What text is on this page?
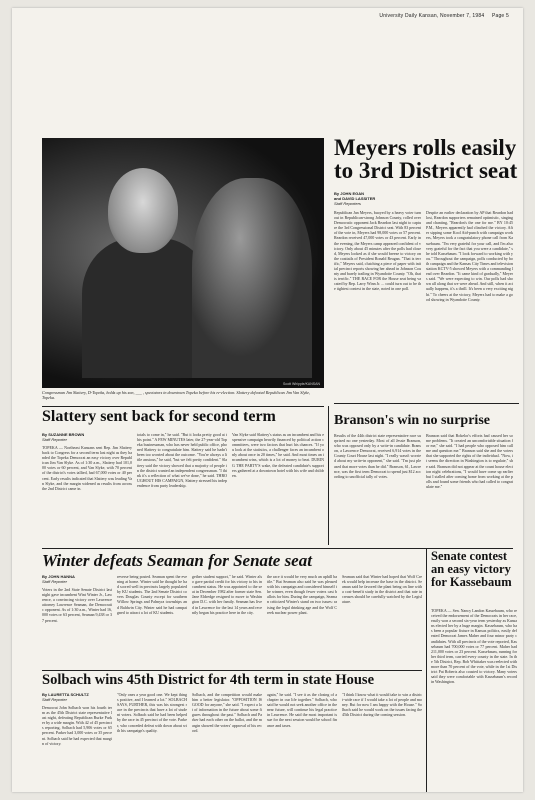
University Daily Kansan, November 7, 1984 Page 5
Scott Whipple/KANSAN
Congressman Jim Slattery, D-Topeka, holds up his son, ___ , spectators in downtown Topeka before his re-election. Slattery defeated Republican Jim Van Slyke, Topeka.
Meyers rolls easily to 3rd District seat
By JOHN EGAN
and DAVID LASSITER
Staff Reporters
Republican Jan Meyers, buoyed by a heavy voter turnout in Republican-strong Johnson County, rolled over Democratic opponent Jack Reardon last night to capture the 3rd Congressional District seat. With 83 percent of the vote in, Meyers had 98,000 votes or 57 percent. Reardon received 47,000 votes or 43 percent. Early in the evening, the Meyers camp appeared confident of victory. Only about 45 minutes after the polls had closed, Meyers looked as if she would breeze to victory on the coattails of President Ronald Reagan. "That is terrific," Meyers said, clutching a piece of paper with initial precinct reports showing her ahead in Johnson County and barely trailing in Wyandotte County. "Oh, that is terrific." THE RACE FOR the House seat being vacated by Rep. Larry Winn Jr. ... could turn out to be the tightest contest in the state, noted in one poll.
Despite an earlier declaration by AP that Reardon had lost, Reardon supporters remained optimistic, singing and chanting, "Reardon's the one for me." BY 10:45 P.M., Meyers apparently had clinched the victory. After sipping some Kool Aid-punch with campaign workers, Meyers took a congratulatory phone call from Kassebaum. "I'm very grateful for your call, and I'm also very grateful for the fact that you were a candidate," she told Kassebaum. "I look forward to working with you." Throughout the campaign, polls conducted by both campaign and the Kansas City Times and television station KCTV-5 showed Meyers with a commanding lead over Reardon. "It came kind of gradually," Meyers said. "We were expecting to win. Our polls had shown all along that we were ahead. And still, when it actually happens, it's a thrill. It's been a very exciting night." To cheers at the victory, Meyers had to make a good showing in Wyandotte County.
Slattery sent back for second term
By SUZANNE BROWN
Staff Reporter
TOPEKA — Northeast Kansans sent Rep. Jim Slattery back to Congress for a second term last night as they handed the Topeka Democrat an easy victory over Republican Jim Van Slyke. As of 1:30 a.m., Slattery had 101,000 votes or 60 percent, and Van Slyke, with 70 percent of the district's votes tallied, had 67,000 votes or 40 percent. Early results indicated that Slattery was leading Van Slyke, and the margin widened as results from across the 2nd District came in.
totals to come in," he said. "But it looks pretty good at this point." A FEW MINUTES later, the 27-year-old Topeka businessman, who has never held public office, phoned Slattery to congratulate him. Slattery said he hadn't been too worried about the outcome. "You're always a little anxious," he said, "but we felt pretty confident." Slattery said the victory showed that a majority of people in the district wanted an independent congressman. "I think it's a reflection of what we've done," he said. THROUGHOUT HIS CAMPAIGN, Slattery stressed his independence from party leadership.
Van Slyke said Slattery's status as an incumbent and his expensive campaign heavily financed by political action committees, were two factors that hurt his chances. "If you look at the statistics, a challenger faces an incumbent only about once in 20 times," he said. And most times an incumbent wins, which is a lot of money to beat. DURING THE PARTY'S wake, the defeated candidate's supporters gathered at a downtown hotel with his wife and children.
Branson's win no surprise
Results of the 44th district state representative race surprised no one yesterday. Most of all Jessie Branson, who was opposed only by a write-in candidate. Branson, a Lawrence Democrat, received 6,914 votes in the County Court House last night. "I really wasn't worried about my write-in opponent," she said. "I'm just pleased that more votes than he did." Branson, 61, Lawrence, was the first term Democrat to spend just $12 according to unofficial tally of votes.
Branson said that Bokelor's efforts had caused her some problems. "It created an uncomfortable situation for me," she said. "I had people who opposed him call me and question me." Branson said she and the voters that she supported the rights of the individual. "Now, it seems the direction in Washington is to regulate," she said. Branson did not appear at the count house election night celebrations, "I would have come up earlier but I stalled after coming home from working at the polls and found some friends who had called to congratulate me."
Winter defeats Seaman for Senate seat
By JOHN HANNA
Staff Reporter
Voters in the 2nd State Senate District last night gave incumbent Wint Winter Jr., Lawrence, a convincing victory over Lawrence attorney Lawrence Seaman, the Democratic opponent. As of 1:30 a.m., Winter had 16,000 votes or 63 percent, Seaman 9,438 or 37 percent.
reverse being posted. Seaman spent the evening at home. Winter said he thought he had scored well in precincts largely populated by KU students. The 2nd Senate District covers Douglas County except for southern Willow Springs and Palmyra townships and Baldwin City. Winter said he had campaigned to attract a lot of KU students.
gether student support," he said. Winter also gave partial credit for his victory to his incumbent status. He was appointed to the seat in December 1982 after former state Sen. Jane Eldredge resigned to move to Washington D.C. with her family. Seaman has lived in Lawrence for the last 14 years and recently began his practice here in the city.
the race it would be very much an uphill battle." But Seaman also said he was pleased with his campaign and considered himself the winner, even though fewer voters cast ballots for him. During the campaign, Seaman criticized Winter's stand on two issues: raising the legal drinking age and the Wolf Creek nuclear power plant.
Seaman said that Winter had hoped that Wolf Creek would help increase the base in the district. Seaman said he favored the plant being on line with a cost-benefit study in the district and that rate increases should be carefully watched by the Legislature.
Senate contest an easy victory for Kassebaum
TOPEKA — Sen. Nancy Landon Kassebaum, who received the endorsement of the Democrats in her race, easily won a second six-year term yesterday as Kansans elected her by a huge margin. Kassebaum, who has been a popular fixture in Kansas politics, easily defeated Democrat James Maher and four minor party candidates. With all precincts of the vote reported, Kassebaum had 700,000 votes or 77 percent. Maher had 211,000 votes or 23 percent. Kassebaum, running for her third term, carried every county in the state. In the 5th District, Rep. Bob Whittaker was reelected with more than 70 percent of the vote, while in the 1st District Pat Roberts also coasted to victory. Many voters said they were comfortable with Kassebaum's record in Washington.
Solbach wins 45th District for 4th term in state House
By LAURETTA SCHULTZ
Staff Reporter
Democrat John Solbach won his fourth term as the 45th District state representative last night, defeating Republican Burke Parker by a wide margin. With 42 of 45 precincts reporting, Solbach had 5,906 votes or 65 percent. Parker had 3,000 votes or 35 percent. Solbach said he had expected that margin of victory.
"Only ones a year good one. We kept things positive, and I learned a lot." SOLBACH SAYS, FURTHER, this was his strongest race in the precincts that have a lot of student voters. Solbach said he had been helped by the race in 45 precinct of the vote. Parker, who conceded defeat with down about with his campaign's quality.
Solbach, and the competition would make him a better legislator. "OPPOSITION IS GOOD for anyone," she said. "I expect a lot of information in the future about some figures throughout the past." Solbach and Parker had each other on the ballot, and the margin showed the voters' approval of his record.
again," he said. "I see it as the closing of a chapter in our life together." Solbach, who said he would not seek another office in the near future, will continue his legal practice in Lawrence. He said the most important issue for the next session would be school finance and taxes.
"I think I know what it would take to win a district-wide race if I would take a lot of people and money. But for now I am happy with the House." Solbach said he would work on the issues facing the 45th District during the coming session.
